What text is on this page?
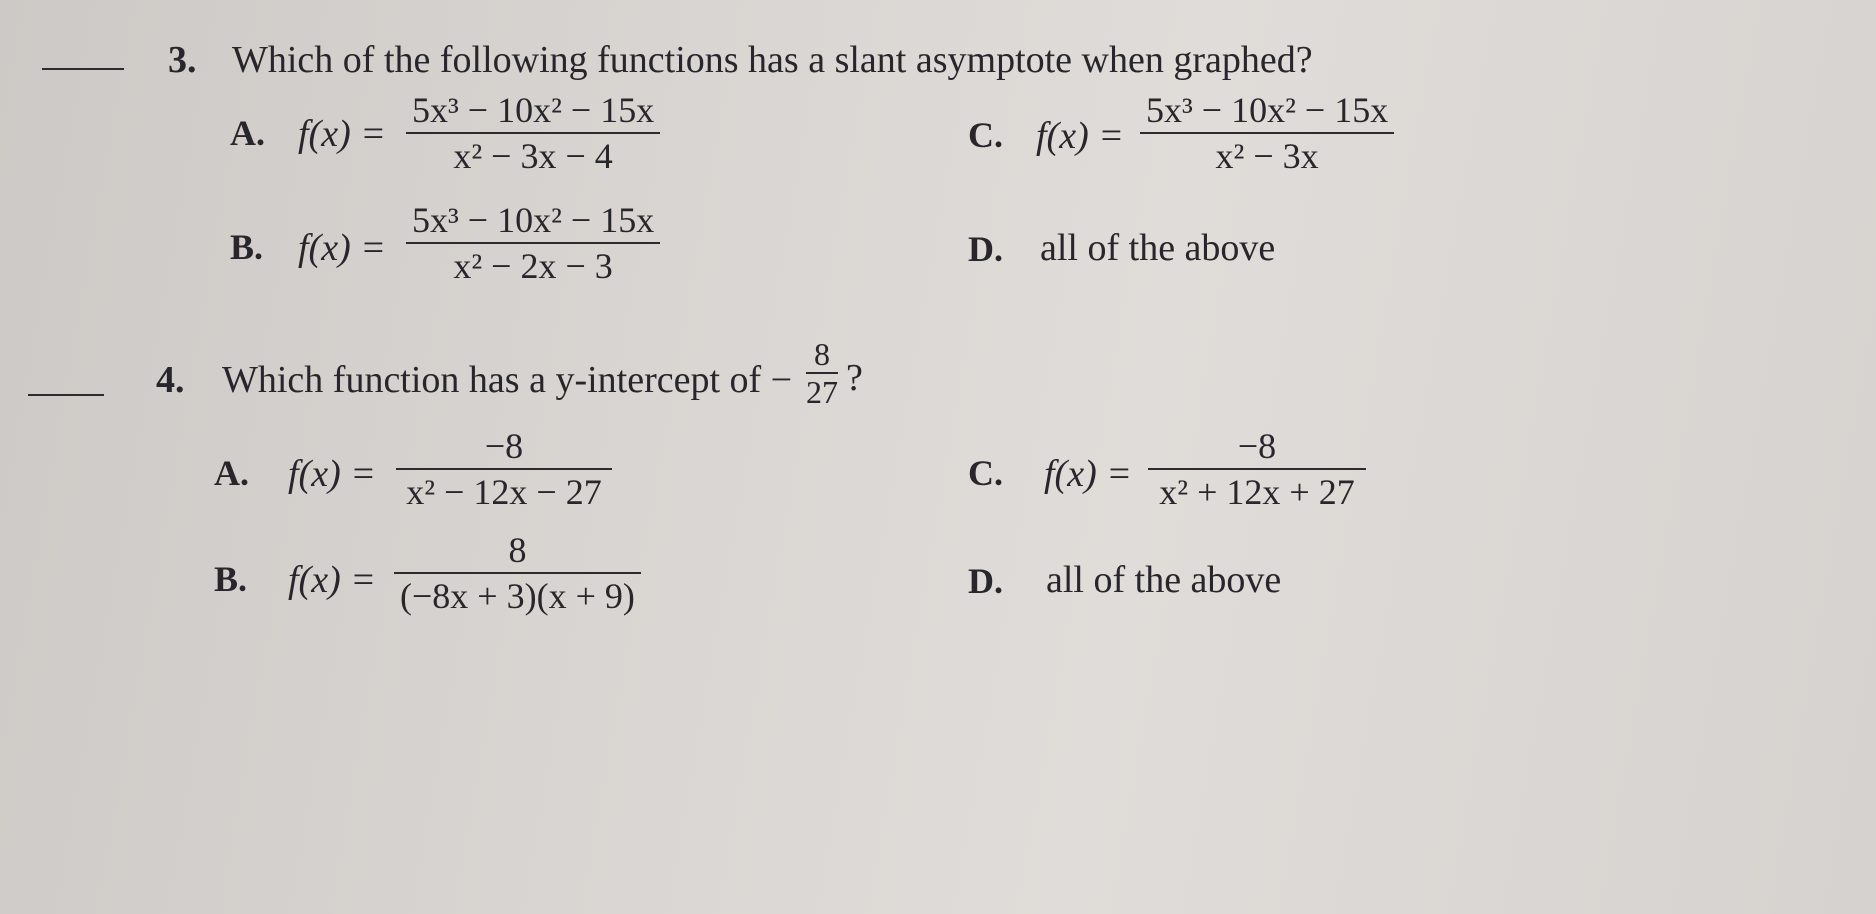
3. Which of the following functions has a slant asymptote when graphed?
A. f(x) =
5x³ − 10x² − 15x
x² − 3x − 4
C. f(x) =
5x³ − 10x² − 15x
x² − 3x
B. f(x) =
5x³ − 10x² − 15x
x² − 2x − 3	D. all of the above
4. Which function has a y-intercept of −
8
27 ?
A. f(x) =
−8
x² − 12x − 27	C. f(x) =
−8
x² + 12x + 27
B. f(x) =
8
(−8x + 3)(x + 9)	D. all of the above
